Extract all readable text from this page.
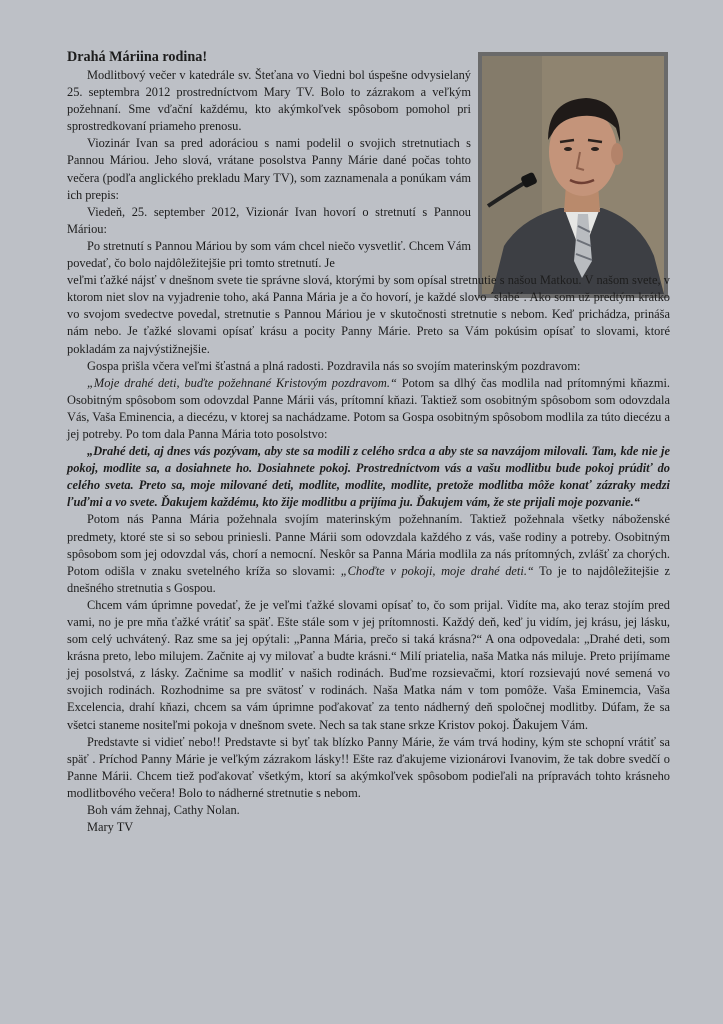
Drahá Máriina rodina!

Modlitbový večer v katedrále sv. Šteťana vo Viedni bol úspešne odvysielaný 25. septembra 2012 prostredníctvom Mary TV. Bolo to zázrakom a veľkým požehnaní. Sme vďační každému, kto akýmkoľvek spôsobom pomohol pri sprostredkovaní priameho prenosu.

Viozinár Ivan sa pred adoráciou s nami podelil o svojich stretnutiach s Pannou Máriou. Jeho slová, vrátane posolstva Panny Márie dané počas tohto večera (podľa anglického prekladu Mary TV), som zaznamenala a ponúkam vám ich prepis:

Viedeň, 25. september 2012, Vizionár Ivan hovorí o stretnutí s Pannou Máriou:

Po stretnutí s Pannou Máriou by som vám chcel niečo vysvetliť. Chcem Vám povedať, čo bolo najdôležitejšie pri tomto stretnutí. Je

veľmi ťažké nájsť v dnešnom svete tie správne slová, ktorými by som opísal stretnutie s našou Matkou. V našom svete, v ktorom niet slov na vyjadrenie toho, aká Panna Mária je a čo hovorí, je každé slovo ´slabé´. Ako som už predtým krátko vo svojom svedectve povedal, stretnutie s Pannou Máriou je v skutočnosti stretnutie s nebom. Keď prichádza, prináša nám nebo. Je ťažké slovami opísať krásu a pocity Panny Márie. Preto sa Vám pokúsim opísať to slovami, ktoré pokladám za najvýstižnejšie.

Gospa prišla včera veľmi šťastná a plná radosti. Pozdravila nás so svojím materinským pozdravom:

„Moje drahé deti, buďte požehnané Kristovým pozdravom.“ Potom sa dlhý čas modlila nad prítomnými kňazmi. Osobitným spôsobom som odovzdal Panne Márii vás, prítomní kňazi. Taktiež som osobitným spôsobom som odovzdala Vás, Vaša Eminencia, a diecézu, v ktorej sa nachádzame. Potom sa Gospa osobitným spôsobom modlila za túto diecézu a jej potreby. Po tom dala Panna Mária toto posolstvo:

„Drahé deti, aj dnes vás pozývam, aby ste sa modili z celého srdca a aby ste sa navzájom milovali. Tam, kde nie je pokoj, modlite sa, a dosiahnete ho. Dosiahnete pokoj. Prostredníctvom vás a vašu modlitbu bude pokoj prúdiť do celého sveta. Preto sa, moje milované deti, modlite, modlite, modlite, pretože modlitba môže konať zázraky medzi ľuďmi a vo svete. Ďakujem každému, kto žije modlitbu a prijíma ju. Ďakujem vám, že ste prijali moje pozvanie.“

Potom nás Panna Mária požehnala svojím materinským požehnaním. Taktiež požehnala všetky náboženské predmety, ktoré ste si so sebou priniesli. Panne Márii som odovzdala každého z vás, vaše rodiny a potreby. Osobitným spôsobom som jej odovzdal vás, chorí a nemocní. Neskôr sa Panna Mária modlila za nás prítomných, zvlášť za chorých. Potom odišla v znaku svetelného kríža so slovami: „Choďte v pokoji, moje drahé deti.“ To je to najdôležitejšie z dnešného stretnutia s Gospou.

Chcem vám úprimne povedať, že je veľmi ťažké slovami opísať to, čo som prijal. Vidíte ma, ako teraz stojím pred vami, no je pre mňa ťažké vrátiť sa späť. Ešte stále som v jej prítomnosti. Každý deň, keď ju vidím, jej krásu, jej lásku, som celý uchvátený. Raz sme sa jej opýtali: „Panna Mária, prečo si taká krásna?“ A ona odpovedala: „Drahé deti, som krásna preto, lebo milujem. Začnite aj vy milovať a budte krásni.“ Milí priatelia, naša Matka nás miluje. Preto prijímame jej posolstvá, z lásky. Začnime sa modliť v našich rodinách. Buďme rozsievačmi, ktorí rozsievajú nové semená vo svojich rodinách. Rozhodnime sa pre svätosť v rodinách. Naša Matka nám v tom pomôže. Vaša Eminemcia, Vaša Excelencia, drahí kňazi, chcem sa vám úprimne poďakovať za tento nádherný deň spoločnej modlitby. Dúfam, že sa všetci staneme nositeľmi pokoja v dnešnom svete. Nech sa tak stane srkze Kristov pokoj. Ďakujem Vám.

Predstavte si vidieť nebo!! Predstavte si byť tak blízko Panny Márie, že vám trvá hodiny, kým ste schopní vrátiť sa späť . Príchod Panny Márie je veľkým zázrakom lásky!! Ešte raz ďakujeme vizionárovi Ivanovim, že tak dobre svedčí o Panne Márii. Chcem tiež poďakovať všetkým, ktorí sa akýmkoľvek spôsobom podieľali na prípravách tohto krásneho modlitbového večera! Bolo to nádherné stretnutie s nebom.

Boh vám žehnaj, Cathy Nolan.

Mary TV
